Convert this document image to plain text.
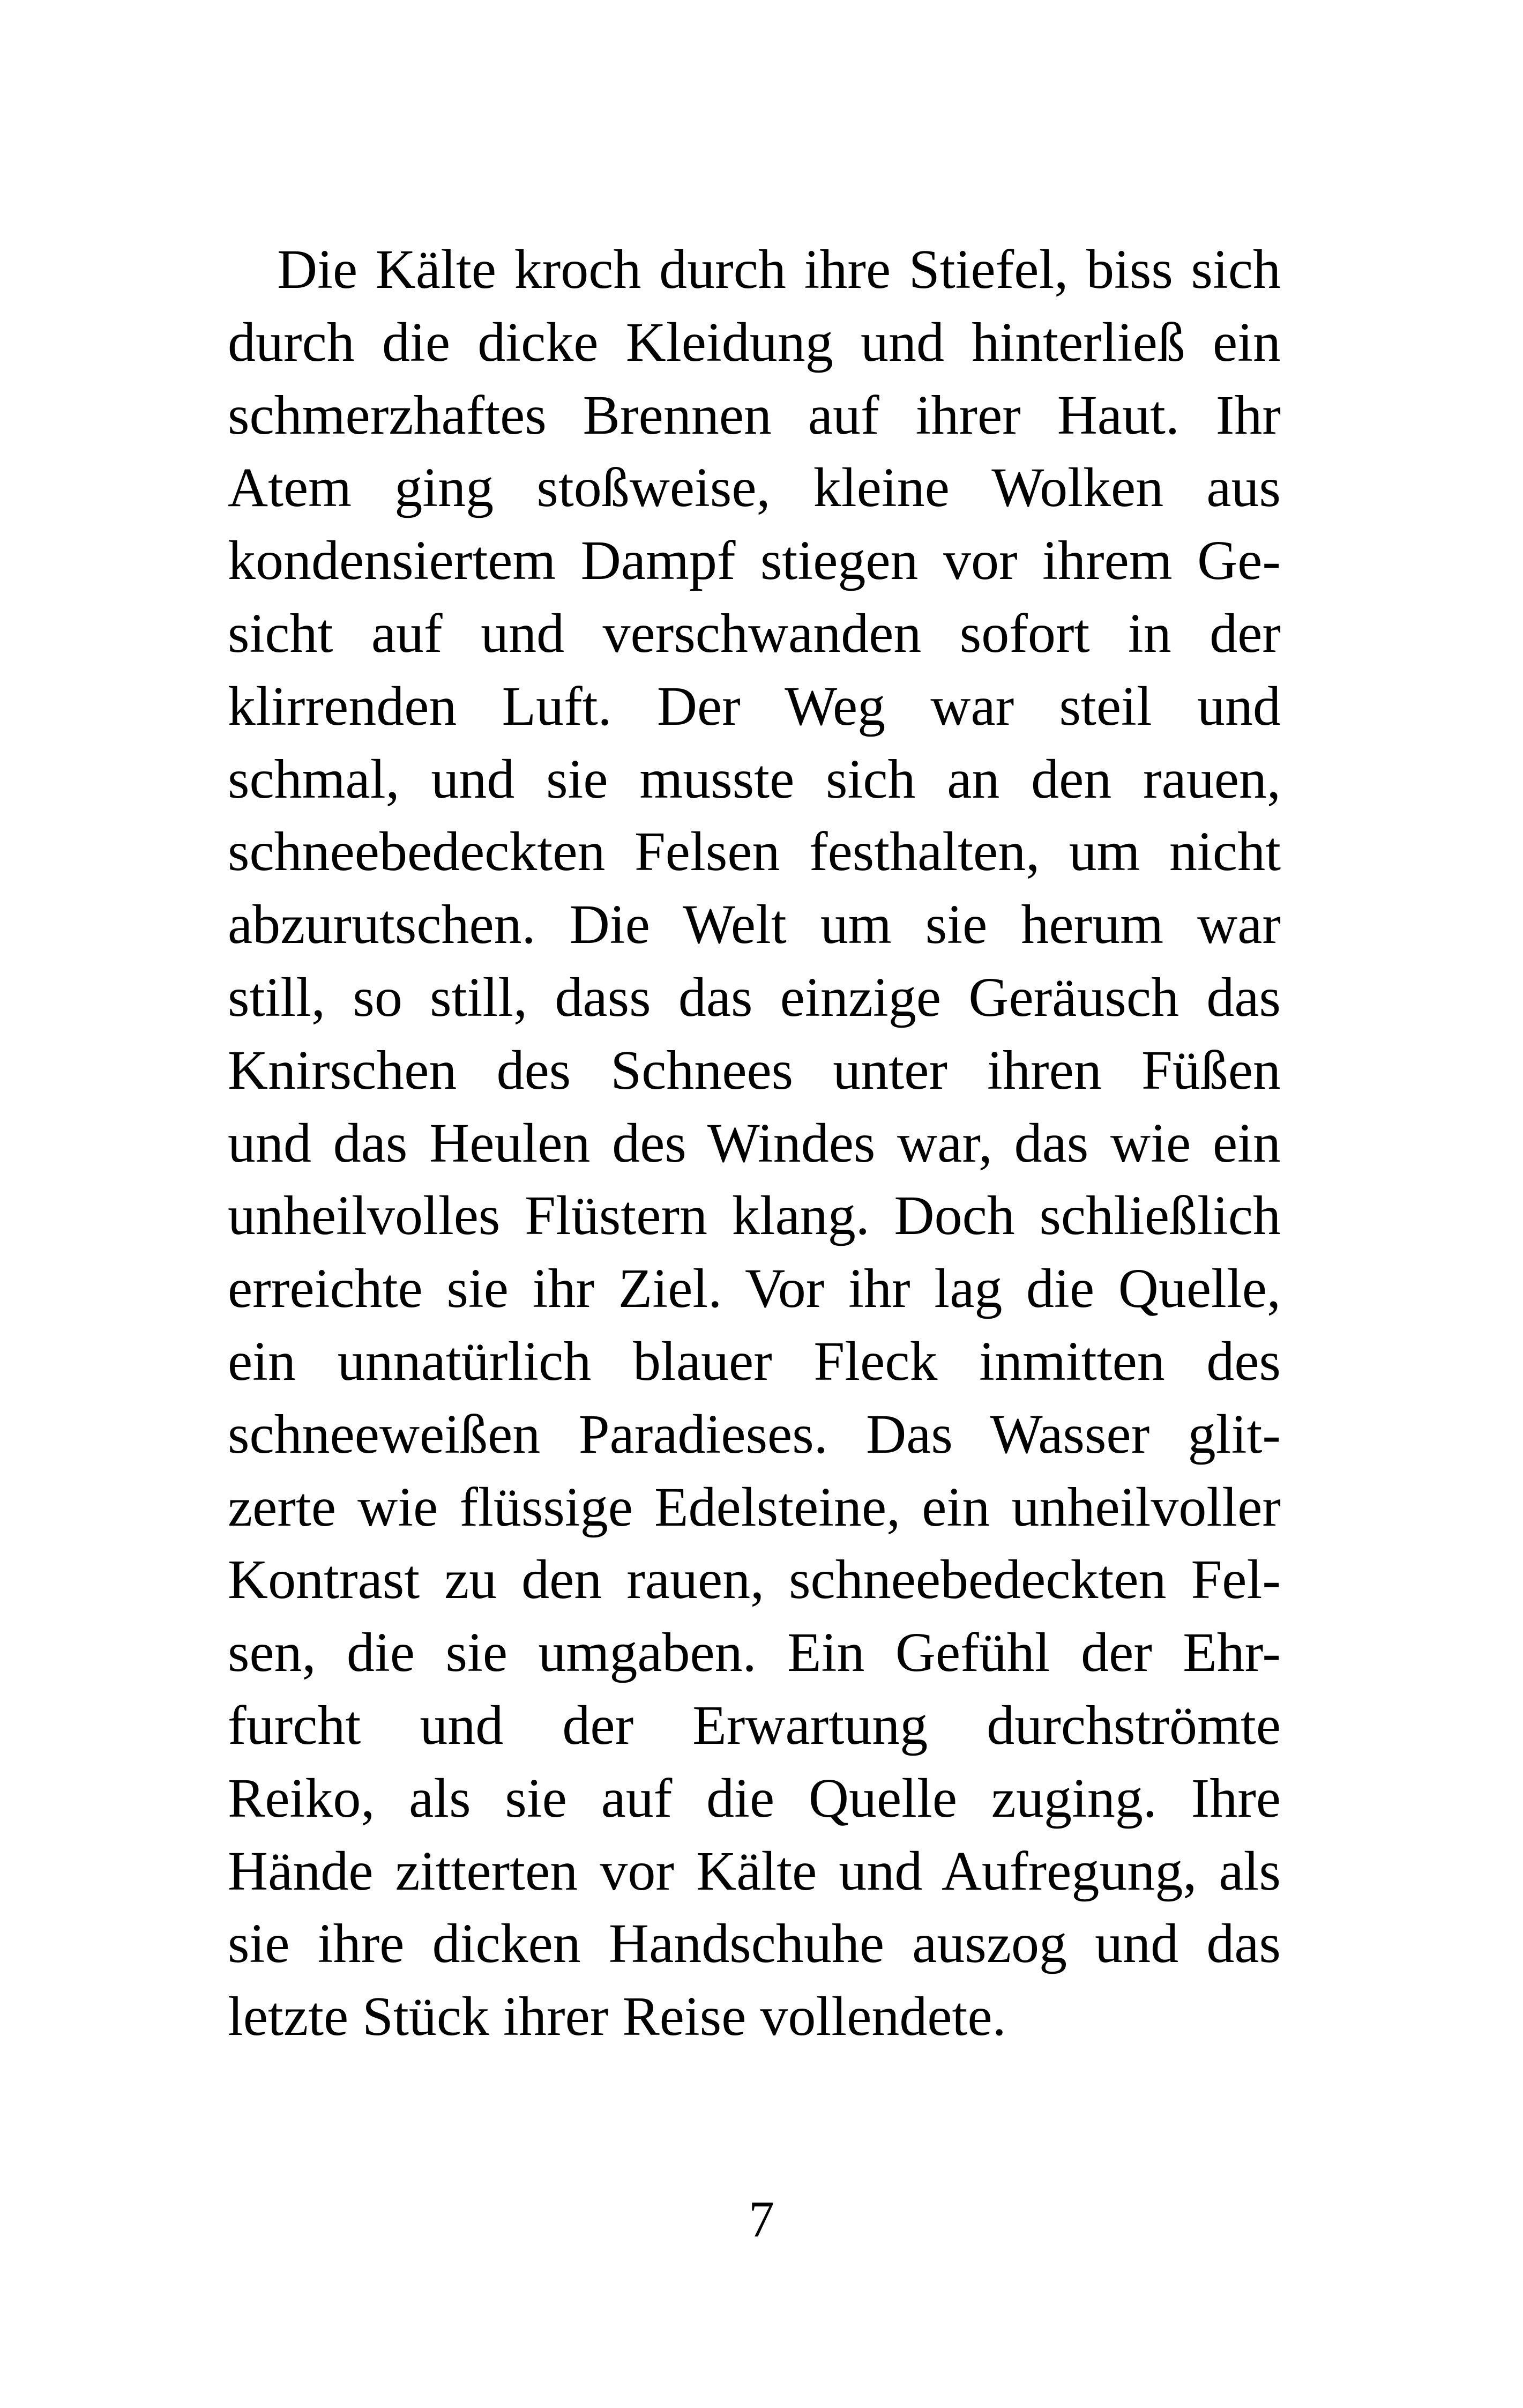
Die Kälte kroch durch ihre Stiefel, biss sich
durch die dicke Kleidung und hinterließ ein
schmerzhaftes Brennen auf ihrer Haut. Ihr
Atem ging stoßweise, kleine Wolken aus
kondensiertem Dampf stiegen vor ihrem Ge-
sicht auf und verschwanden sofort in der
klirrenden Luft. Der Weg war steil und
schmal, und sie musste sich an den rauen,
schneebedeckten Felsen festhalten, um nicht
abzurutschen. Die Welt um sie herum war
still, so still, dass das einzige Geräusch das
Knirschen des Schnees unter ihren Füßen
und das Heulen des Windes war, das wie ein
unheilvolles Flüstern klang. Doch schließlich
erreichte sie ihr Ziel. Vor ihr lag die Quelle,
ein unnatürlich blauer Fleck inmitten des
schneeweißen Paradieses. Das Wasser glit-
zerte wie flüssige Edelsteine, ein unheilvoller
Kontrast zu den rauen, schneebedeckten Fel-
sen, die sie umgaben. Ein Gefühl der Ehr-
furcht und der Erwartung durchströmte
Reiko, als sie auf die Quelle zuging. Ihre
Hände zitterten vor Kälte und Aufregung, als
sie ihre dicken Handschuhe auszog und das
letzte Stück ihrer Reise vollendete.
7
